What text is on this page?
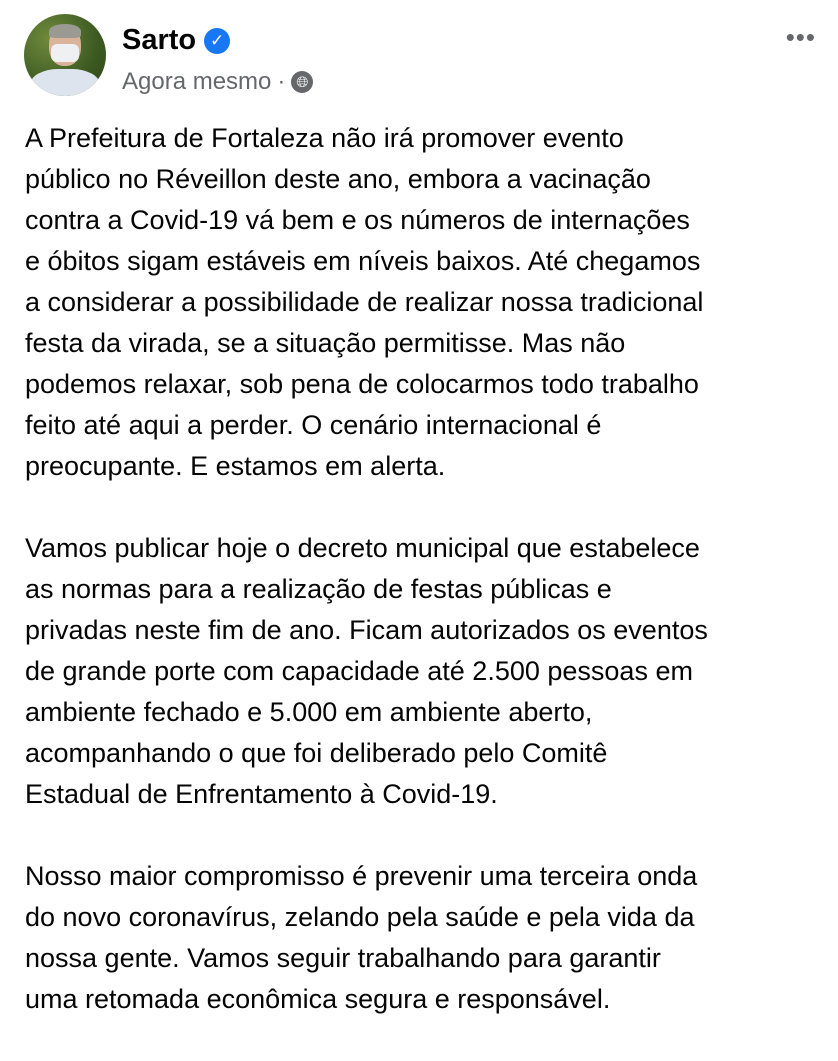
Sarto ✓
Agora mesmo · 🌐︎
•••
A Prefeitura de Fortaleza não irá promover evento
público no Réveillon deste ano, embora a vacinação
contra a Covid-19 vá bem e os números de internações
e óbitos sigam estáveis em níveis baixos. Até chegamos
a considerar a possibilidade de realizar nossa tradicional
festa da virada, se a situação permitisse. Mas não
podemos relaxar, sob pena de colocarmos todo trabalho
feito até aqui a perder. O cenário internacional é
preocupante. E estamos em alerta.
Vamos publicar hoje o decreto municipal que estabelece
as normas para a realização de festas públicas e
privadas neste fim de ano. Ficam autorizados os eventos
de grande porte com capacidade até 2.500 pessoas em
ambiente fechado e 5.000 em ambiente aberto,
acompanhando o que foi deliberado pelo Comitê
Estadual de Enfrentamento à Covid-19.
Nosso maior compromisso é prevenir uma terceira onda
do novo coronavírus, zelando pela saúde e pela vida da
nossa gente. Vamos seguir trabalhando para garantir
uma retomada econômica segura e responsável.
